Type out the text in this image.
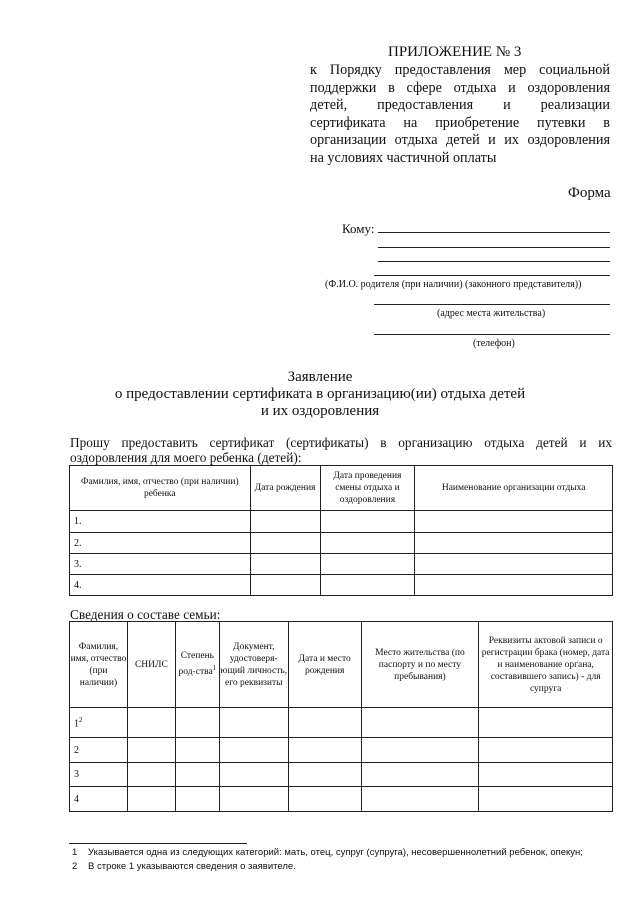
ПРИЛОЖЕНИЕ № 3
к Порядку предоставления мер социальной
поддержки в сфере отдыха и оздоровления
детей, предоставления и реализации
сертификата на приобретение путевки в
организации отдыха детей и их оздоровления
на условиях частичной оплаты
Форма
Кому:
(Ф.И.О. родителя (при наличии) (законного представителя))
(адрес места жительства)
(телефон)
Заявление
о предоставлении сертификата в организацию(ии) отдыха детей
и их оздоровления
Прошу предоставить сертификат (сертификаты) в организацию отдыха детей и их оздоровления для моего ребенка (детей):
Фамилия, имя, отчество (при наличии) ребенка	Дата рождения	Дата проведения смены отдыха и оздоровления	Наименование организации отдыха
1.			
2.			
3.			
4.			
Сведения о составе семьи:
Фамилия, имя, отчество (при наличии)	СНИЛС	Степень род-ства$^1$	Документ, удостоверя-ющий личность, его реквизиты	Дата и место рождения	Место жительства (по паспорту и по месту пребывания)	Реквизиты актовой записи о регистрации брака (номер, дата и наименование органа, составившего запись) - для супруга
$1^2$						
2						
3						
4						
1 Указывается одна из следующих категорий: мать, отец, супруг (супруга), несовершеннолетний ребенок, опекун;
2 В строке 1 указываются сведения о заявителе.
